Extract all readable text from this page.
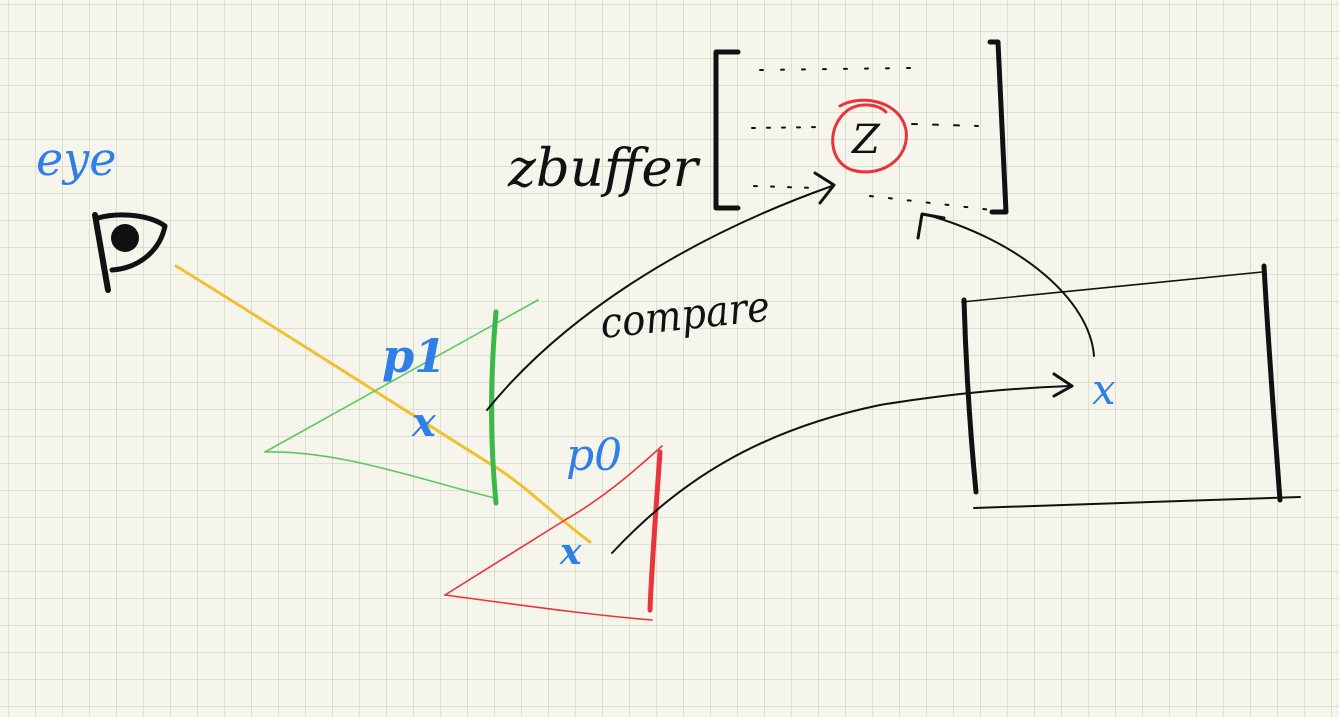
eye	zbuffer	Z
compare
p1
p0
x
x
x
